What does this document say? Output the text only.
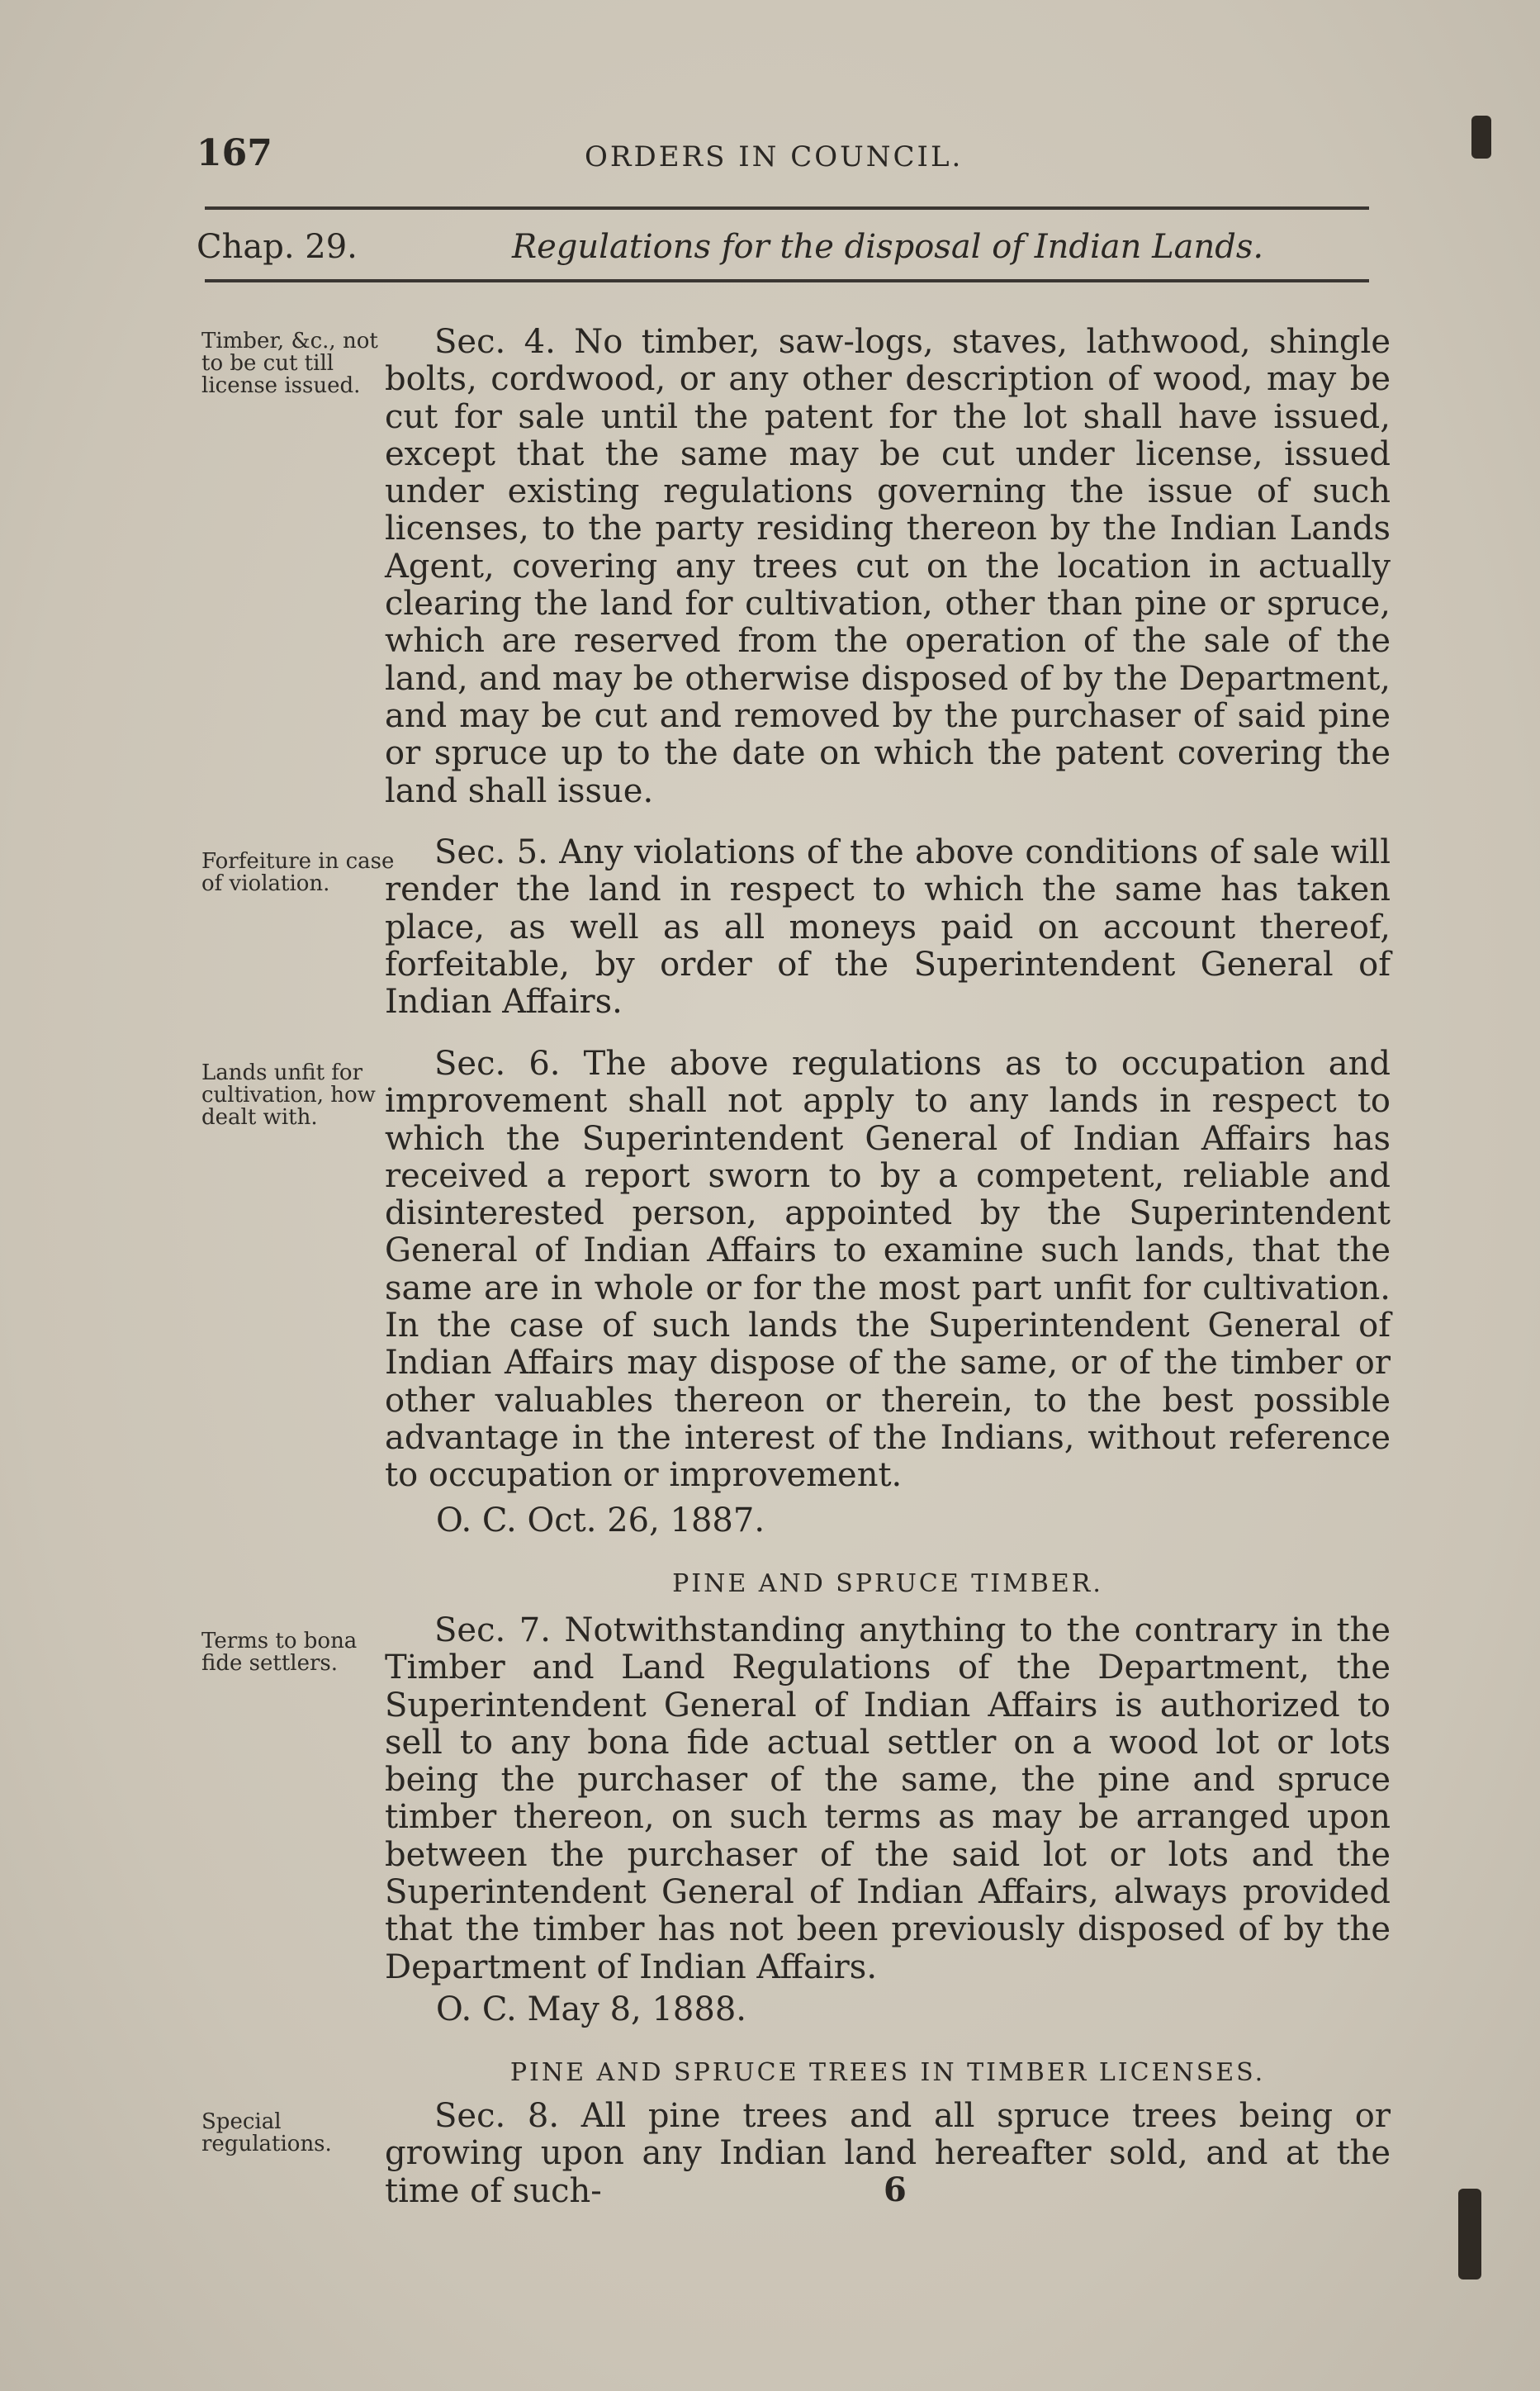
167	ORDERS IN COUNCIL.
Chap. 29.	Regulations for the disposal of Indian Lands.
Timber, &c., not to be cut till license issued.
Sec. 4. No timber, saw-logs, staves, lathwood, shingle bolts, cordwood, or any other description of wood, may be cut for sale until the patent for the lot shall have issued, except that the same may be cut under license, issued under existing regulations governing the issue of such licenses, to the party residing thereon by the Indian Lands Agent, covering any trees cut on the location in actually clearing the land for cultivation, other than pine or spruce, which are reserved from the operation of the sale of the land, and may be otherwise disposed of by the Department, and may be cut and removed by the purchaser of said pine or spruce up to the date on which the patent covering the land shall issue.
Forfeiture in case of violation.
Sec. 5. Any violations of the above conditions of sale will render the land in respect to which the same has taken place, as well as all moneys paid on account thereof, forfeitable, by order of the Superintendent General of Indian Affairs.
Lands unfit for cultivation, how dealt with.
Sec. 6. The above regulations as to occupation and improvement shall not apply to any lands in respect to which the Superintendent General of Indian Affairs has received a report sworn to by a competent, reliable and disinterested person, appointed by the Superintendent General of Indian Affairs to examine such lands, that the same are in whole or for the most part unfit for cultivation. In the case of such lands the Superintendent General of Indian Affairs may dispose of the same, or of the timber or other valuables thereon or therein, to the best possible advantage in the interest of the Indians, without reference to occupation or improvement.
O. C. Oct. 26, 1887.
PINE AND SPRUCE TIMBER.
Terms to bona fide settlers.
Sec. 7. Notwithstanding anything to the contrary in the Timber and Land Regulations of the Department, the Superintendent General of Indian Affairs is authorized to sell to any bona fide actual settler on a wood lot or lots being the purchaser of the same, the pine and spruce timber thereon, on such terms as may be arranged upon between the purchaser of the said lot or lots and the Superintendent General of Indian Affairs, always provided that the timber has not been previously disposed of by the Department of Indian Affairs.
O. C. May 8, 1888.
PINE AND SPRUCE TREES IN TIMBER LICENSES.
Special regulations.
Sec. 8. All pine trees and all spruce trees being or growing upon any Indian land hereafter sold, and at the time of such-	6
